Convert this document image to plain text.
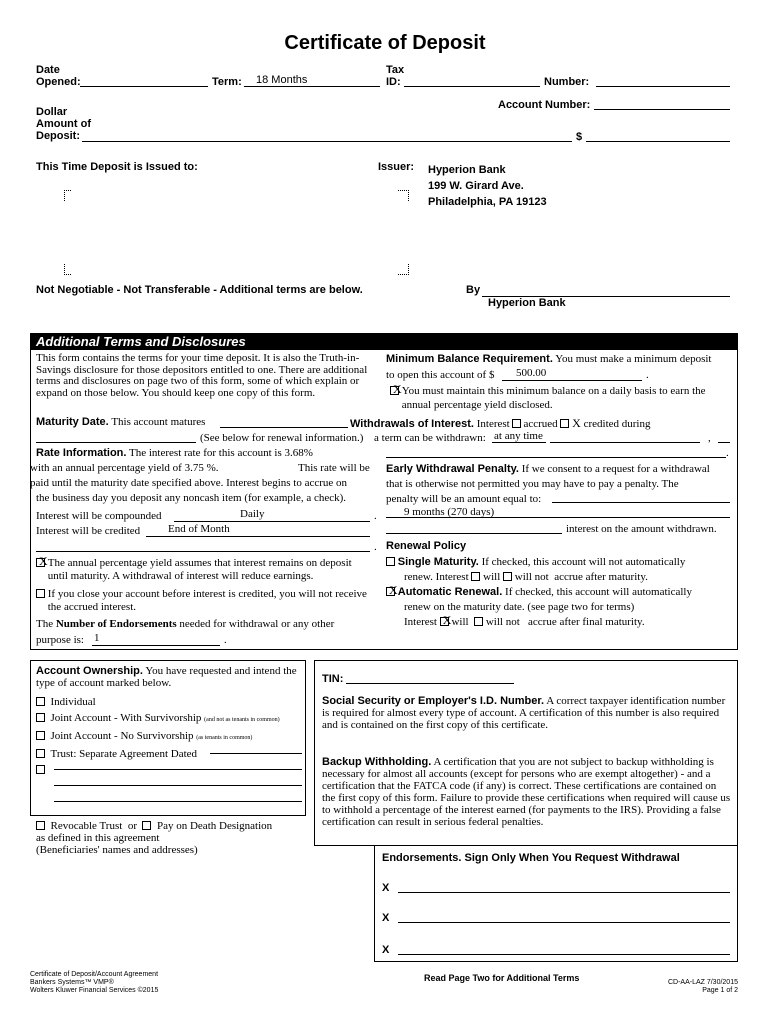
Certificate of Deposit
Date
Opened:	Term: 18 Months
Tax
ID:	Number:
Account Number:
Dollar
Amount of
Deposit:	$
This Time Deposit is Issued to:	Issuer: Hyperion Bank
199 W. Girard Ave.
Philadelphia, PA 19123
Not Negotiable - Not Transferable - Additional terms are below.	By
Hyperion Bank
Additional Terms and Disclosures
This form contains the terms for your time deposit. It is also the Truth-in-Savings disclosure for those depositors entitled to one. There are additional terms and disclosures on page two of this form, some of which explain or expand on those below. You should keep one copy of this form.
Maturity Date. This account matures
(See below for renewal information.)
Rate Information. The interest rate for this account is 3.68%
with an annual percentage yield of 3.75 %.	This rate will be
paid until the maturity date specified above. Interest begins to accrue on
the business day you deposit any noncash item (for example, a check).
Interest will be compounded	Daily	.
Interest will be credited	End of Month
.
X The annual percentage yield assumes that interest remains on deposit until maturity. A withdrawal of interest will reduce earnings.
If you close your account before interest is credited, you will not receive the accrued interest.
The Number of Endorsements needed for withdrawal or any other
purpose is: 1	.
Minimum Balance Requirement. You must make a minimum deposit
to open this account of $ 500.00	.
X You must maintain this minimum balance on a daily basis to earn the annual percentage yield disclosed.
Withdrawals of Interest. Interest accrued X credited during
,
a term can be withdrawn: at any time
.
Early Withdrawal Penalty. If we consent to a request for a withdrawal
that is otherwise not permitted you may have to pay a penalty. The
penalty will be an amount equal to:
9 months (270 days)
interest on the amount withdrawn.
Renewal Policy
Single Maturity. If checked, this account will not automatically
renew. Interest will will not accrue after maturity.
X Automatic Renewal. If checked, this account will automatically
renew on the maturity date. (see page two for terms)
Interest X will will not accrue after final maturity.
Account Ownership. You have requested and intend the type of account marked below.
Individual
Joint Account - With Survivorship (and not as tenants in common)
Joint Account - No Survivorship (as tenants in common)
Trust: Separate Agreement Dated
Revocable Trust or Pay on Death Designation
as defined in this agreement
(Beneficiaries' names and addresses)
TIN:
Social Security or Employer's I.D. Number. A correct taxpayer identification number is required for almost every type of account. A certification of this number is also required and is contained on the first copy of this certificate.
Backup Withholding. A certification that you are not subject to backup withholding is necessary for almost all accounts (except for persons who are exempt altogether) - and a certification that the FATCA code (if any) is correct. These certifications are contained on the first copy of this form. Failure to provide these certifications when required will cause us to withhold a percentage of the interest earned (for payments to the IRS). Providing a false certification can result in serious federal penalties.
Endorsements. Sign Only When You Request Withdrawal
X
X
X
Certificate of Deposit/Account Agreement
Bankers Systems™ VMP®
Wolters Kluwer Financial Services ©2015
Read Page Two for Additional Terms	CD-AA-LAZ 7/30/2015
Page 1 of 2
